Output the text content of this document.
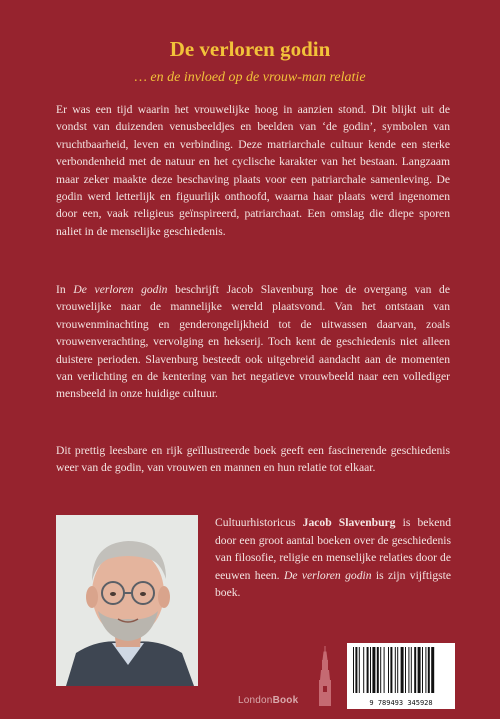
De verloren godin
… en de invloed op de vrouw-man relatie

Er was een tijd waarin het vrouwelijke hoog in aanzien stond. Dit blijkt uit de vondst van duizenden venusbeeldjes en beelden van ‘de godin’, symbolen van vruchtbaarheid, leven en verbinding. Deze matriarchale cultuur kende een sterke verbondenheid met de natuur en het cyclische karakter van het bestaan. Langzaam maar zeker maakte deze beschaving plaats voor een patriarchale samenleving. De godin werd letterlijk en figuurlijk onthoofd, waarna haar plaats werd ingenomen door een, vaak religieus geïnspireerd, patriarchaat. Een omslag die diepe sporen naliet in de menselijke geschiedenis.

In De verloren godin beschrijft Jacob Slavenburg hoe de overgang van de vrouwelijke naar de mannelijke wereld plaatsvond. Van het ontstaan van vrouwenminachting en genderongelijkheid tot de uitwassen daarvan, zoals vrouwenverachting, vervolging en hekserij. Toch kent de geschiedenis niet alleen duistere perioden. Slavenburg besteedt ook uitgebreid aandacht aan de momenten van verlichting en de kentering van het negatieve vrouwbeeld naar een vollediger mensbeeld in onze huidige cultuur.

Dit prettig leesbare en rijk geïllustreerde boek geeft een fascinerende geschiedenis weer van de godin, van vrouwen en mannen en hun relatie tot elkaar.

Cultuurhistoricus Jacob Slavenburg is bekend door een groot aantal boeken over de geschiedenis van filosofie, religie en menselijke relaties door de eeuwen heen. De verloren godin is zijn vijftigste boek.

LondonBook	9 789493 345928
